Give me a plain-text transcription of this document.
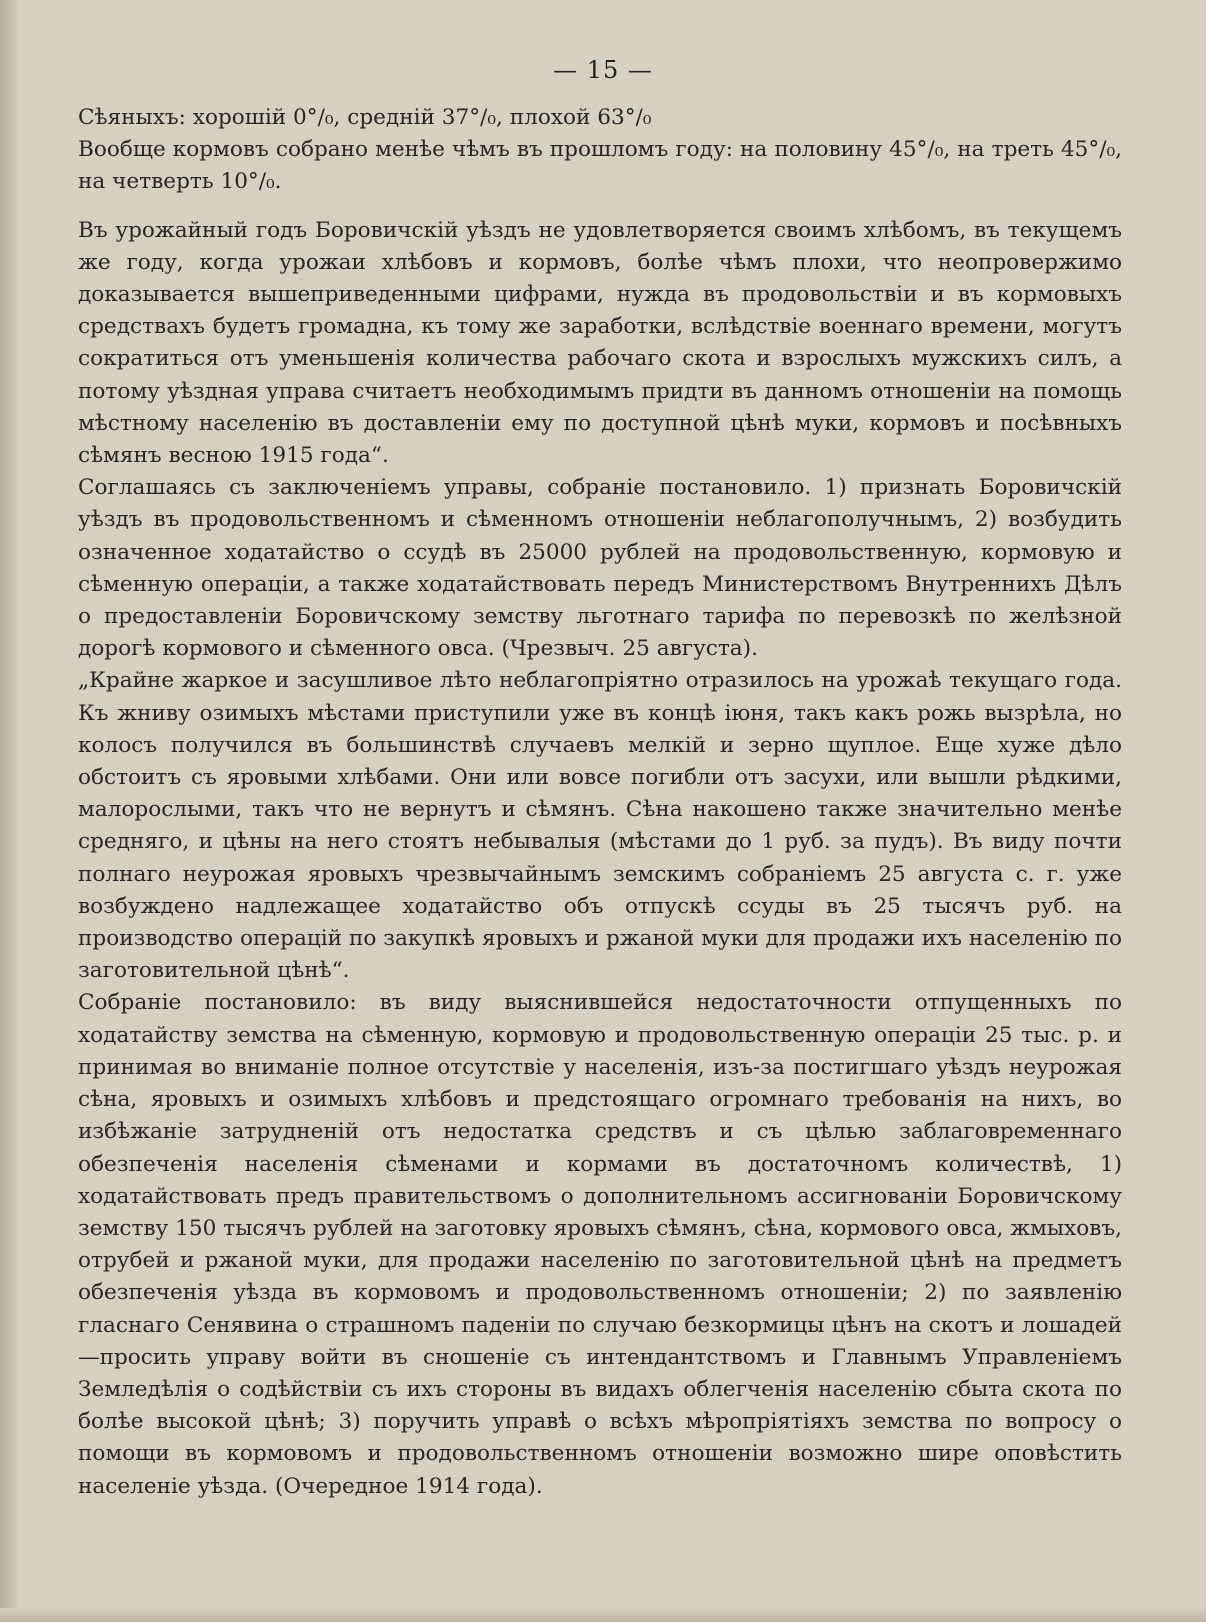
— 15 —

Сѣяныхъ: хорошій 0°/₀, средній 37°/₀, плохой 63°/₀

Вообще кормовъ собрано менѣе чѣмъ въ прошломъ году: на половину 45°/₀, на треть 45°/₀, на четверть 10°/₀.

Въ урожайный годъ Боровичскій уѣздъ не удовлетворяется своимъ хлѣбомъ, въ текущемъ же году, когда урожаи хлѣбовъ и кормовъ, болѣе чѣмъ плохи, что неопровержимо доказывается вышеприведенными цифрами, нужда въ продовольствіи и въ кормовыхъ средствахъ будетъ громадна, къ тому же заработки, вслѣдствіе военнаго времени, могутъ сократиться отъ уменьшенія количества рабочаго скота и взрослыхъ мужскихъ силъ, а потому уѣздная управа считаетъ необходимымъ придти въ данномъ отношеніи на помощь мѣстному населенію въ доставленіи ему по доступной цѣнѣ муки, кормовъ и посѣвныхъ сѣмянъ весною 1915 года“.

Соглашаясь съ заключеніемъ управы, собраніе постановило. 1) признать Боровичскій уѣздъ въ продовольственномъ и сѣменномъ отношеніи неблагополучнымъ, 2) возбудить означенное ходатайство о ссудѣ въ 25000 рублей на продовольственную, кормовую и сѣменную операціи, а также ходатайствовать передъ Министерствомъ Внутреннихъ Дѣлъ о предоставленіи Боровичскому земству льготнаго тарифа по перевозкѣ по желѣзной дорогѣ кормового и сѣменного овса. (Чрезвыч. 25 августа).

„Крайне жаркое и засушливое лѣто неблагопріятно отразилось на урожаѣ текущаго года. Къ жниву озимыхъ мѣстами приступили уже въ концѣ іюня, такъ какъ рожь вызрѣла, но колосъ получился въ большинствѣ случаевъ мелкій и зерно щуплое. Еще хуже дѣло обстоитъ съ яровыми хлѣбами. Они или вовсе погибли отъ засухи, или вышли рѣдкими, малорослыми, такъ что не вернутъ и сѣмянъ. Сѣна накошено также значительно менѣе средняго, и цѣны на него стоятъ небывалыя (мѣстами до 1 руб. за пудъ). Въ виду почти полнаго неурожая яровыхъ чрезвычайнымъ земскимъ собраніемъ 25 августа с. г. уже возбуждено надлежащее ходатайство объ отпускѣ ссуды въ 25 тысячъ руб. на производство операцій по закупкѣ яровыхъ и ржаной муки для продажи ихъ населенію по заготовительной цѣнѣ“.

Собраніе постановило: въ виду выяснившейся недостаточности отпущенныхъ по ходатайству земства на сѣменную, кормовую и продовольственную операціи 25 тыс. р. и принимая во вниманіе полное отсутствіе у населенія, изъ-за постигшаго уѣздъ неурожая сѣна, яровыхъ и озимыхъ хлѣбовъ и предстоящаго огромнаго требованія на нихъ, во избѣжаніе затрудненій отъ недостатка средствъ и съ цѣлью заблаговременнаго обезпеченія населенія сѣменами и кормами въ достаточномъ количествѣ, 1) ходатайствовать предъ правительствомъ о дополнительномъ ассигнованіи Боровичскому земству 150 тысячъ рублей на заготовку яровыхъ сѣмянъ, сѣна, кормового овса, жмыховъ, отрубей и ржаной муки, для продажи населенію по заготовительной цѣнѣ на предметъ обезпеченія уѣзда въ кормовомъ и продовольственномъ отношеніи; 2) по заявленію гласнаго Сенявина о страшномъ паденіи по случаю безкормицы цѣнъ на скотъ и лошадей—просить управу войти въ сношеніе съ интендантствомъ и Главнымъ Управленіемъ Земледѣлія о содѣйствіи съ ихъ стороны въ видахъ облегченія населенію сбыта скота по болѣе высокой цѣнѣ; 3) поручить управѣ о всѣхъ мѣропріятіяхъ земства по вопросу о помощи въ кормовомъ и продовольственномъ отношеніи возможно шире оповѣстить населеніе уѣзда. (Очередное 1914 года).
